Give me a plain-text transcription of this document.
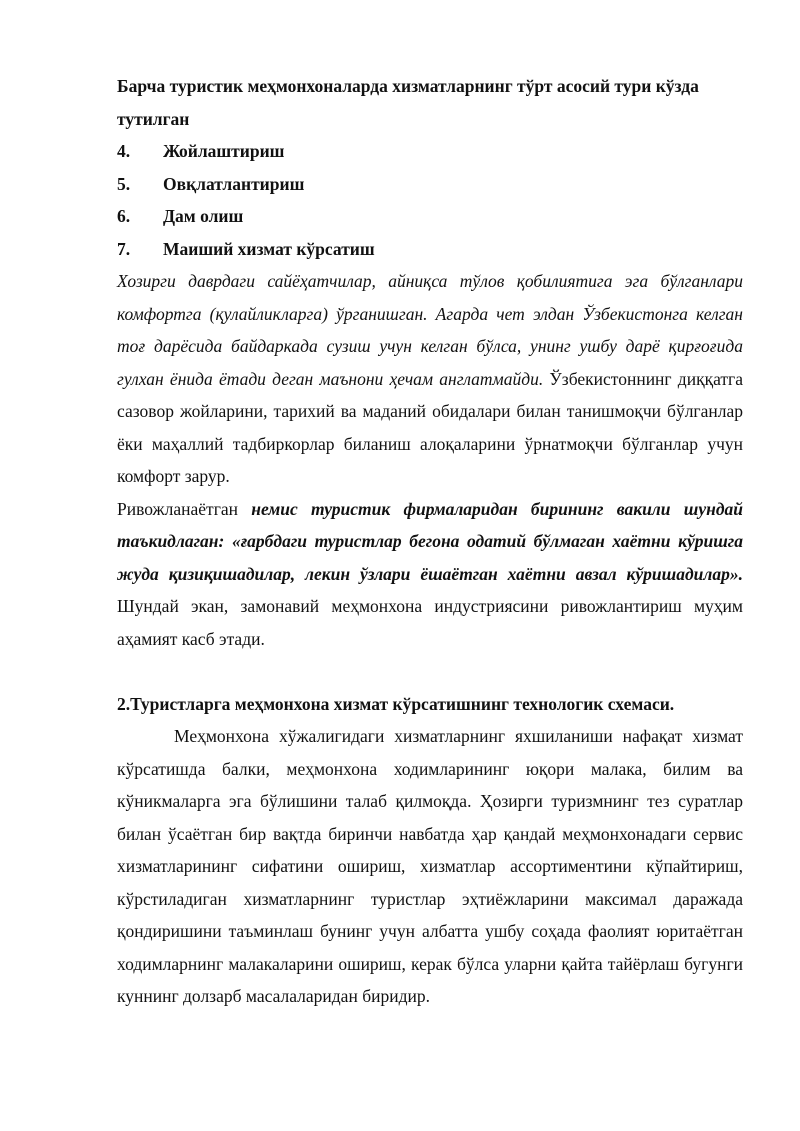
Барча туристик меҳмонхоналарда хизматларнинг тўрт асосий тури кўзда тутилган

4.	Жойлаштириш
5.	Овқлатлантириш
6.	Дам олиш
7.	Маиший хизмат кўрсатиш

Хозирги даврдаги сайёҳатчилар, айниқса тўлов қобилиятига эга бўлганлари комфортга (қулайликларга) ўрганишган. Агарда чет элдан Ўзбекистонга келган тоғ дарёсида байдаркада сузиш учун келган бўлса, унинг ушбу дарё қирғоғида гулхан ёнида ётади деган маънони ҳечам англатмайди. Ўзбекистоннинг диққатга сазовор жойларини, тарихий ва маданий обидалари билан танишмоқчи бўлганлар ёки маҳаллий тадбиркорлар биланиш алоқаларини ўрнатмоқчи бўлганлар учун комфорт зарур.

Ривожланаётган немис туристик фирмаларидан бирининг вакили шундай таъкидлаган: «ғарбдаги туристлар бегона одатий бўлмаган хаётни кўришга жуда қизиқишадилар, лекин ўзлари ёшаётган хаётни авзал кўришадилар». Шундай экан, замонавий меҳмонхона индустриясини ривожлантириш муҳим аҳамият касб этади.

2.Туристларга меҳмонхона хизмат кўрсатишнинг технологик схемаси.

Меҳмонхона хўжалигидаги хизматларнинг яхшиланиши нафақат хизмат кўрсатишда балки, меҳмонхона ходимларининг юқори малака, билим ва кўникмаларга эга бўлишини талаб қилмоқда. Ҳозирги туризмнинг тез суратлар билан ўсаётган бир вақтда биринчи навбатда ҳар қандай меҳмонхонадаги сервис хизматларининг сифатини ошириш, хизматлар ассортиментини кўпайтириш, кўрстиладиган хизматларнинг туристлар эҳтиёжларини максимал даражада қондиришини таъминлаш бунинг учун албатта ушбу соҳада фаолият юритаётган ходимларнинг малакаларини ошириш, керак бўлса уларни қайта тайёрлаш бугунги куннинг долзарб масалаларидан биридир.
